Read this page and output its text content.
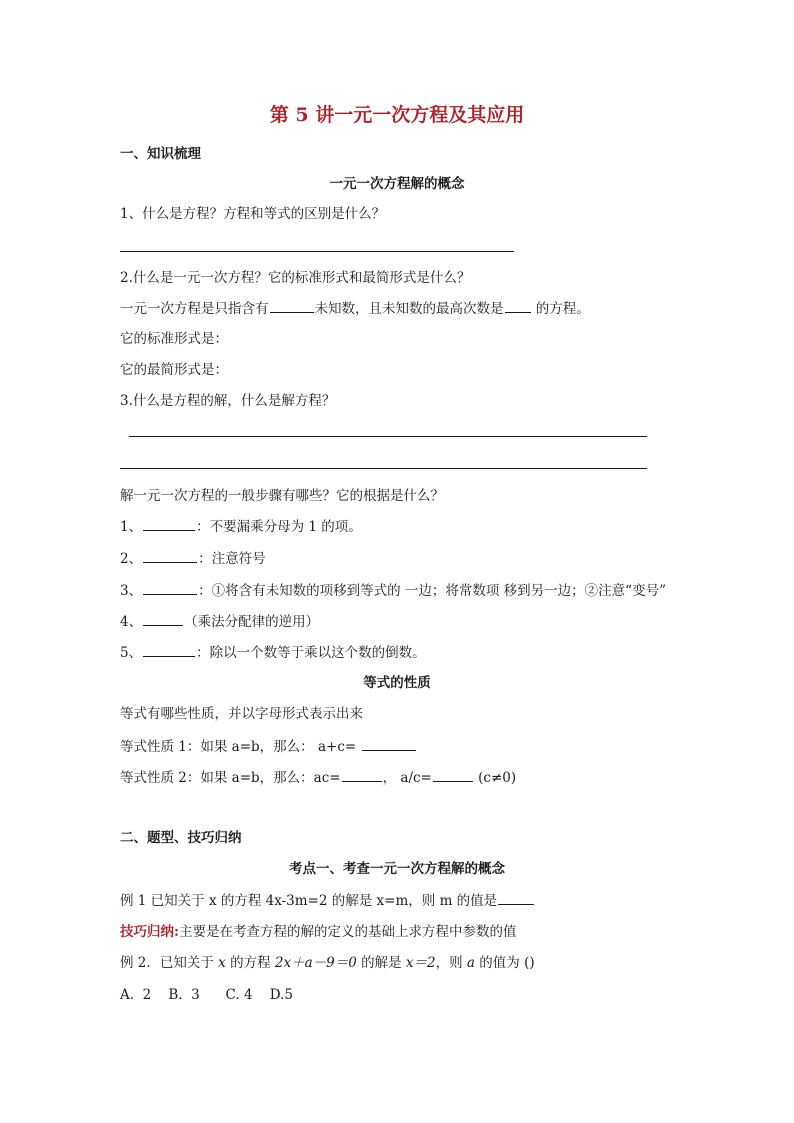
第 5 讲一元一次方程及其应用
一、知识梳理
一元一次方程解的概念
1、什么是方程？方程和等式的区别是什么？
2.什么是一元一次方程？它的标准形式和最简形式是什么？
一元一次方程是只指含有	未知数，且未知数的最高次数是 的方程。
它的标准形式是：
它的最简形式是：
3.什么是方程的解，什么是解方程？
解一元一次方程的一般步骤有哪些？它的根据是什么？
1、	：不要漏乘分母为 1 的项。
2、	：注意符号
3、	：①将含有未知数的项移到等式的 一边；将常数项 移到另一边；②注意“变号”
4、	（乘法分配律的逆用）
5、	：除以一个数等于乘以这个数的倒数。
等式的性质
等式有哪些性质，并以字母形式表示出来
等式性质 1：如果 a=b，那么： a+c=
等式性质 2：如果 a=b，那么：ac=	， a/c=	(c≠0)
二、题型、技巧归纳
考点一、考查一元一次方程解的概念
例 1 已知关于 x 的方程 4x-3m=2 的解是 x=m，则 m 的值是
技巧归纳:主要是在考查方程的解的定义的基础上求方程中参数的值
例 2．已知关于 x 的方程 2x＋a－9＝0 的解是 x＝2，则 a 的值为 ()
A.  2    B.  3      C. 4    D.5
